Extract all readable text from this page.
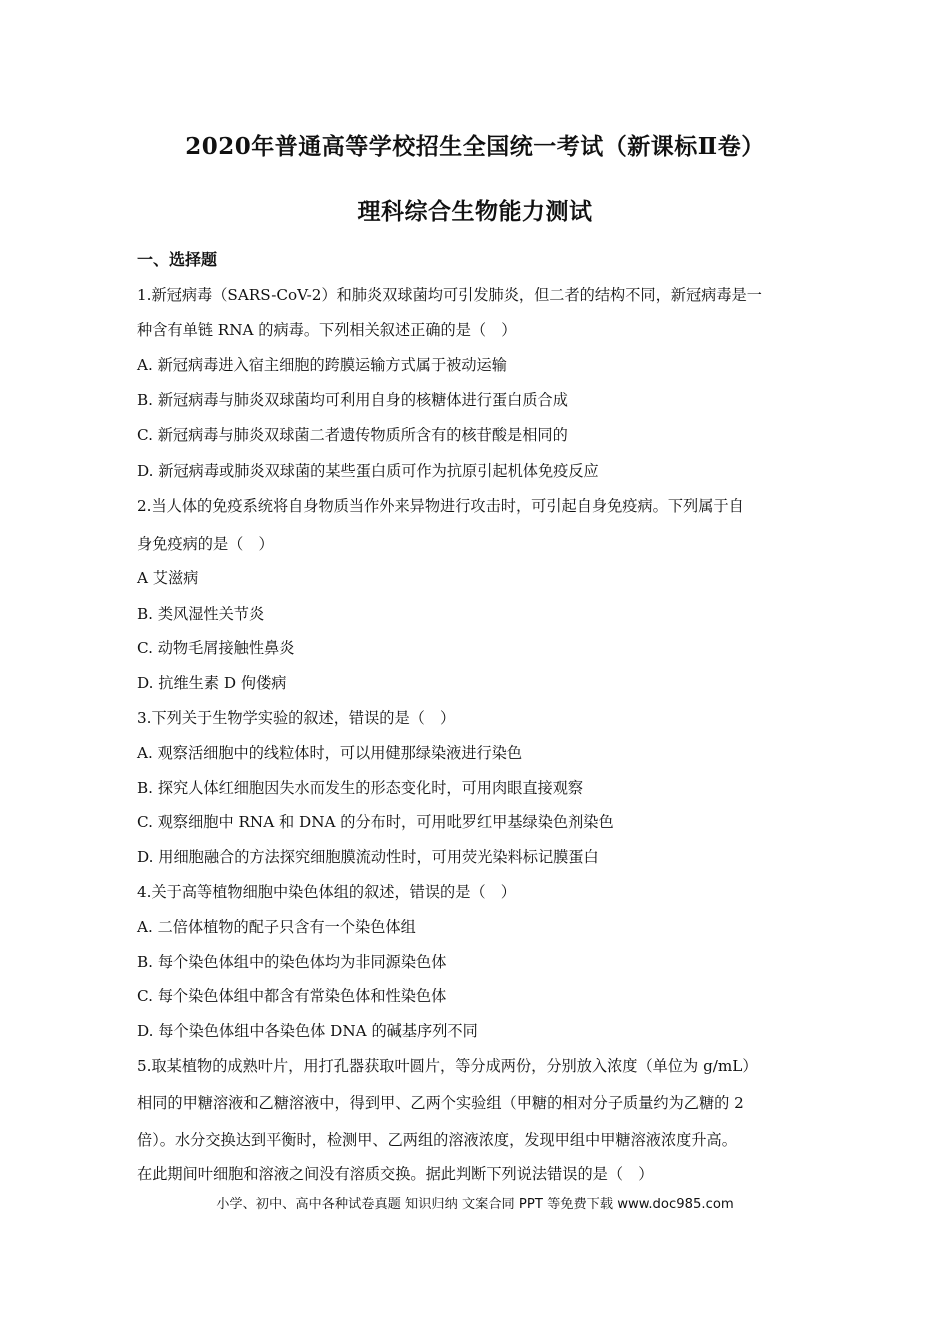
2020年普通高等学校招生全国统一考试（新课标Ⅱ卷）
理科综合生物能力测试
一、选择题
1.新冠病毒（SARS-CoV-2）和肺炎双球菌均可引发肺炎，但二者的结构不同，新冠病毒是一
种含有单链 RNA 的病毒。下列相关叙述正确的是（　）
A. 新冠病毒进入宿主细胞的跨膜运输方式属于被动运输
B. 新冠病毒与肺炎双球菌均可利用自身的核糖体进行蛋白质合成
C. 新冠病毒与肺炎双球菌二者遗传物质所含有的核苷酸是相同的
D. 新冠病毒或肺炎双球菌的某些蛋白质可作为抗原引起机体免疫反应
2.当人体的免疫系统将自身物质当作外来异物进行攻击时，可引起自身免疫病。下列属于自
身免疫病的是（　）
A 艾滋病
B. 类风湿性关节炎
C. 动物毛屑接触性鼻炎
D. 抗维生素 D 佝偻病
3.下列关于生物学实验的叙述，错误的是（　）
A. 观察活细胞中的线粒体时，可以用健那绿染液进行染色
B. 探究人体红细胞因失水而发生的形态变化时，可用肉眼直接观察
C. 观察细胞中 RNA 和 DNA 的分布时，可用吡罗红甲基绿染色剂染色
D. 用细胞融合的方法探究细胞膜流动性时，可用荧光染料标记膜蛋白
4.关于高等植物细胞中染色体组的叙述，错误的是（　）
A. 二倍体植物的配子只含有一个染色体组
B. 每个染色体组中的染色体均为非同源染色体
C. 每个染色体组中都含有常染色体和性染色体
D. 每个染色体组中各染色体 DNA 的碱基序列不同
5.取某植物的成熟叶片，用打孔器获取叶圆片，等分成两份，分别放入浓度（单位为 g/mL）
相同的甲糖溶液和乙糖溶液中，得到甲、乙两个实验组（甲糖的相对分子质量约为乙糖的 2
倍）。水分交换达到平衡时，检测甲、乙两组的溶液浓度，发现甲组中甲糖溶液浓度升高。
在此期间叶细胞和溶液之间没有溶质交换。据此判断下列说法错误的是（　）
小学、初中、高中各种试卷真题 知识归纳 文案合同 PPT 等免费下载 www.doc985.com
